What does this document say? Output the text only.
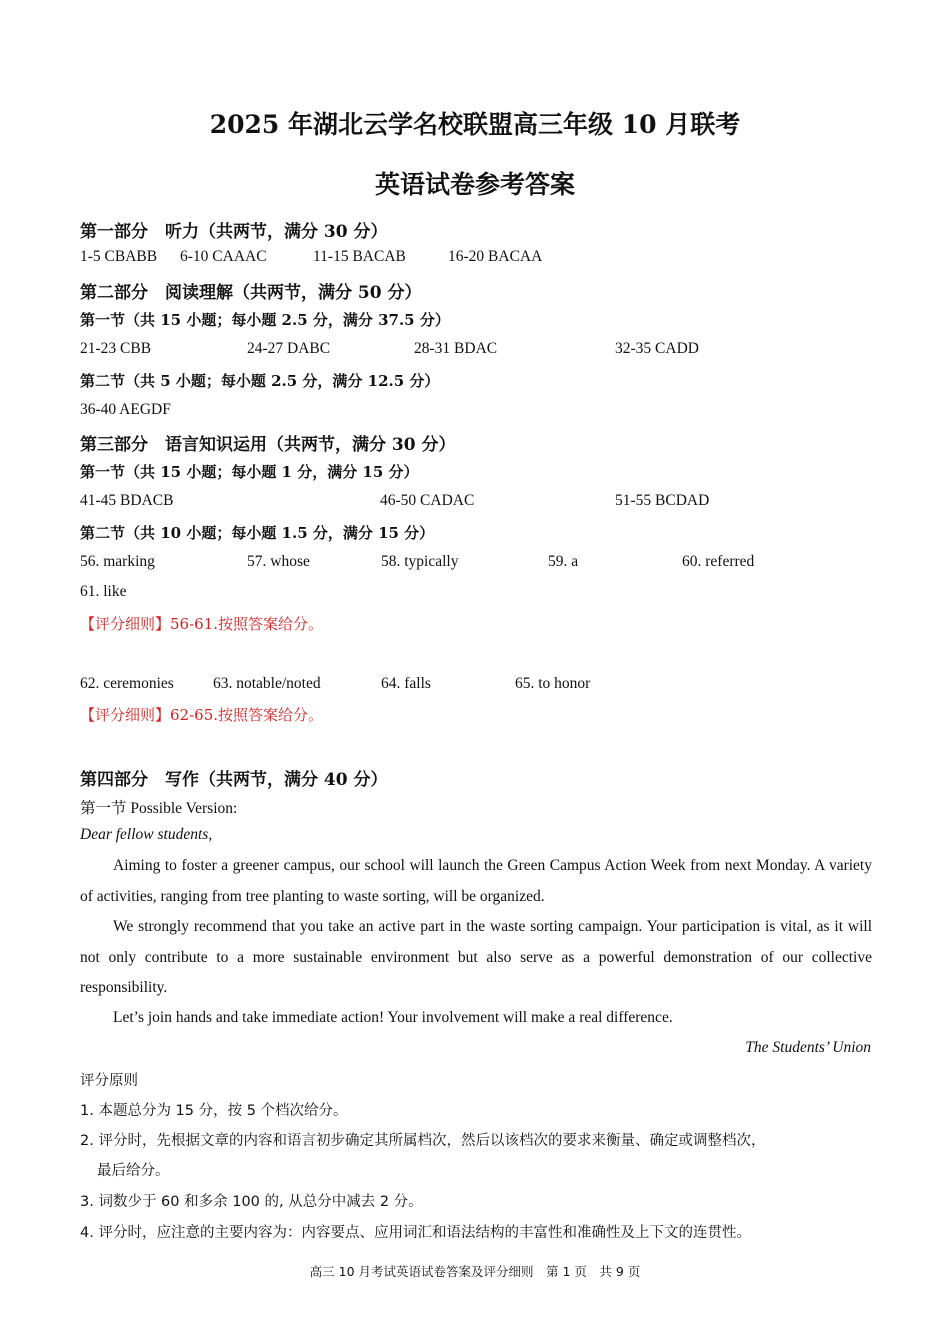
2025 年湖北云学名校联盟高三年级 10 月联考
英语试卷参考答案
第一部分　听力（共两节，满分 30 分）
1-5 CBABB 6-10 CAAAC	11-15 BACAB	16-20 BACAA
第二部分　阅读理解（共两节，满分 50 分）
第一节（共 15 小题；每小题 2.5 分，满分 37.5 分）
21-23 CBB	24-27 DABC	28-31 BDAC	32-35 CADD
第二节（共 5 小题；每小题 2.5 分，满分 12.5 分）
36-40 AEGDF
第三部分　语言知识运用（共两节，满分 30 分）
第一节（共 15 小题；每小题 1 分，满分 15 分）
41-45 BDACB	46-50 CADAC	51-55 BCDAD
第二节（共 10 小题；每小题 1.5 分，满分 15 分）
56. marking	57. whose	58. typically	59. a	60. referred
61. like
【评分细则】56-61.按照答案给分。
62. ceremonies	63. notable/noted	64. falls	65. to honor
【评分细则】62-65.按照答案给分。
第四部分　写作（共两节，满分 40 分）
第一节 Possible Version:
Dear fellow students,
Aiming to foster a greener campus, our school will launch the Green Campus Action Week from next Monday. A variety of activities, ranging from tree planting to waste sorting, will be organized.
We strongly recommend that you take an active part in the waste sorting campaign. Your participation is vital, as it will not only contribute to a more sustainable environment but also serve as a powerful demonstration of our collective responsibility.
Let’s join hands and take immediate action! Your involvement will make a real difference.
The Students’ Union
评分原则
1. 本题总分为 15 分，按 5 个档次给分。
2. 评分时，先根据文章的内容和语言初步确定其所属档次，然后以该档次的要求来衡量、确定或调整档次，
最后给分。
3. 词数少于 60 和多余 100 的, 从总分中减去 2 分。
4. 评分时，应注意的主要内容为：内容要点、应用词汇和语法结构的丰富性和准确性及上下文的连贯性。
高三 10 月考试英语试卷答案及评分细则　第 1 页　共 9 页
